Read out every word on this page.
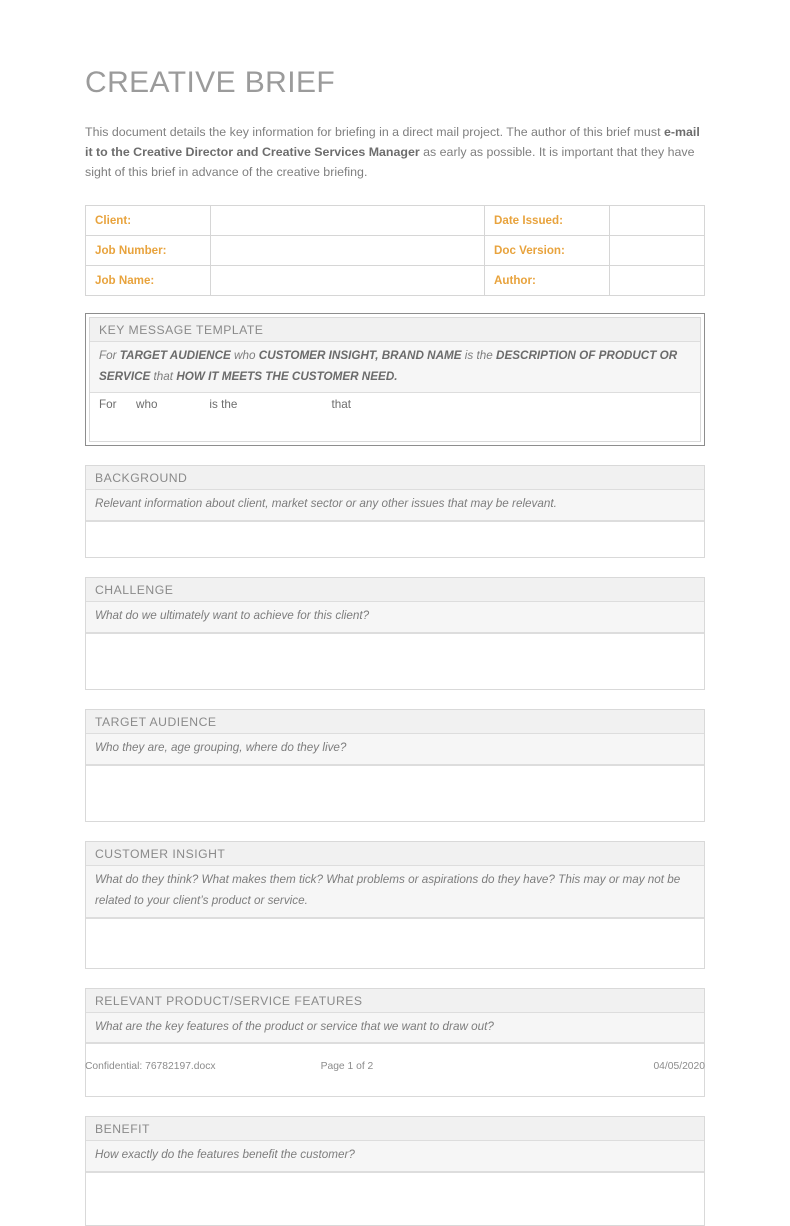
CREATIVE BRIEF

This document details the key information for briefing in a direct mail project. The author of this brief must e-mail it to the Creative Director and Creative Services Manager as early as possible. It is important that they have sight of this brief in advance of the creative briefing.

Client:		Date Issued:	
Job Number:		Doc Version:	
Job Name:		Author:	
KEY MESSAGE TEMPLATE
For TARGET AUDIENCE who CUSTOMER INSIGHT, BRAND NAME is the DESCRIPTION OF PRODUCT OR SERVICE that HOW IT MEETS THE CUSTOMER NEED.
For      who                is the                             that
BACKGROUND
Relevant information about client, market sector or any other issues that may be relevant.
CHALLENGE
What do we ultimately want to achieve for this client?
TARGET AUDIENCE
Who they are, age grouping, where do they live?
CUSTOMER INSIGHT
What do they think? What makes them tick? What problems or aspirations do they have? This may or may not be related to your client’s product or service.
RELEVANT PRODUCT/SERVICE FEATURES
What are the key features of the product or service that we want to draw out?
BENEFIT
How exactly do the features benefit the customer?
Confidential: 76782197.docx	Page 1 of 2	04/05/2020
